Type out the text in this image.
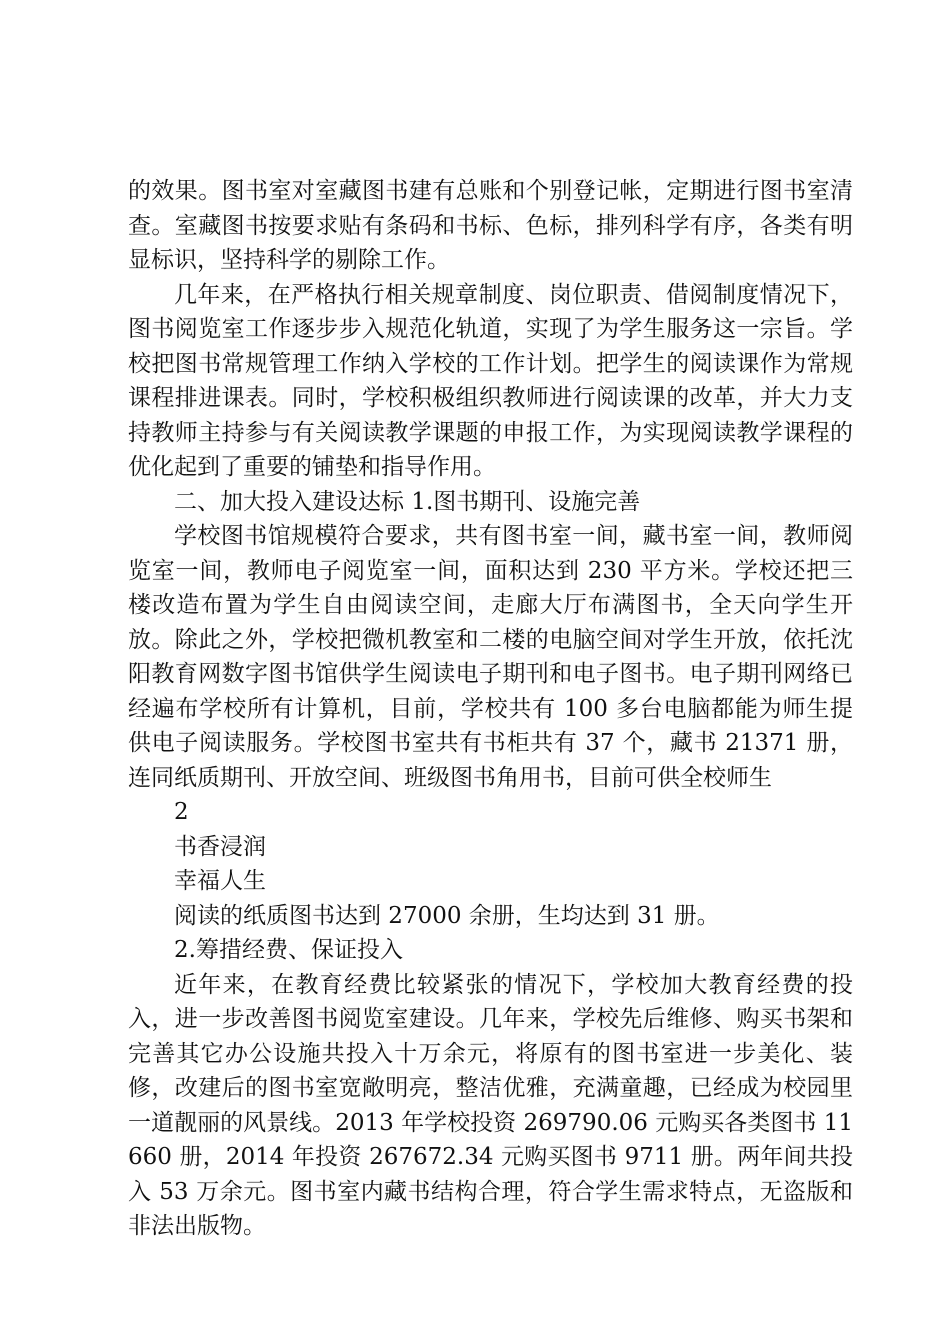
的效果。图书室对室藏图书建有总账和个别登记帐，定期进行图书室清查。室藏图书按要求贴有条码和书标、色标，排列科学有序，各类有明显标识，坚持科学的剔除工作。

几年来，在严格执行相关规章制度、岗位职责、借阅制度情况下，图书阅览室工作逐步步入规范化轨道，实现了为学生服务这一宗旨。学校把图书常规管理工作纳入学校的工作计划。把学生的阅读课作为常规课程排进课表。同时，学校积极组织教师进行阅读课的改革，并大力支持教师主持参与有关阅读教学课题的申报工作，为实现阅读教学课程的优化起到了重要的铺垫和指导作用。

二、加大投入建设达标 1.图书期刊、设施完善

学校图书馆规模符合要求，共有图书室一间，藏书室一间，教师阅览室一间，教师电子阅览室一间，面积达到 230 平方米。学校还把三楼改造布置为学生自由阅读空间，走廊大厅布满图书，全天向学生开放。除此之外，学校把微机教室和二楼的电脑空间对学生开放，依托沈阳教育网数字图书馆供学生阅读电子期刊和电子图书。电子期刊网络已经遍布学校所有计算机，目前，学校共有 100 多台电脑都能为师生提供电子阅读服务。学校图书室共有书柜共有 37 个，藏书 21371 册，连同纸质期刊、开放空间、班级图书角用书，目前可供全校师生

2

书香浸润

幸福人生

阅读的纸质图书达到 27000 余册，生均达到 31 册。

2.筹措经费、保证投入

近年来，在教育经费比较紧张的情况下，学校加大教育经费的投入，进一步改善图书阅览室建设。几年来，学校先后维修、购买书架和完善其它办公设施共投入十万余元，将原有的图书室进一步美化、装修，改建后的图书室宽敞明亮，整洁优雅，充满童趣，已经成为校园里一道靓丽的风景线。2013 年学校投资 269790.06 元购买各类图书 11660 册，2014 年投资 267672.34 元购买图书 9711 册。两年间共投入 53 万余元。图书室内藏书结构合理，符合学生需求特点，无盗版和非法出版物。
